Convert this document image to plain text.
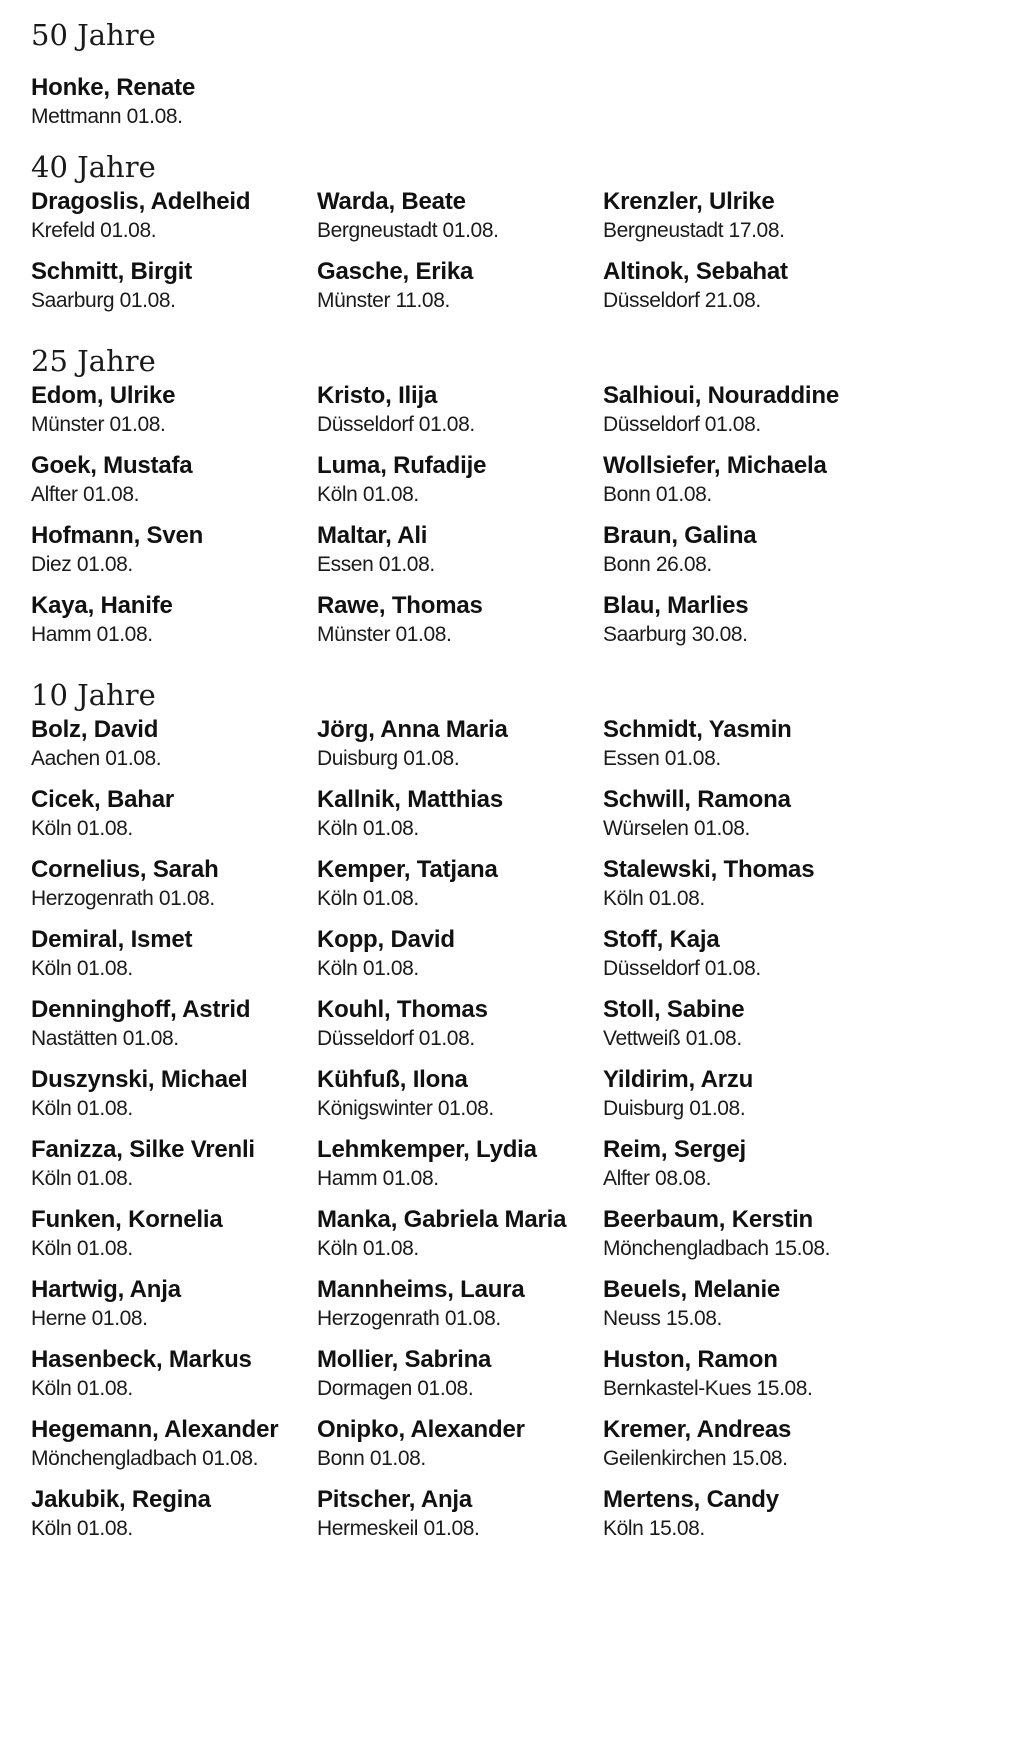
50 Jahre
Honke, Renate
Mettmann 01.08.
40 Jahre
Dragoslis, Adelheid
Krefeld 01.08.
Warda, Beate
Bergneustadt 01.08.
Krenzler, Ulrike
Bergneustadt 17.08.
Schmitt, Birgit
Saarburg 01.08.
Gasche, Erika
Münster 11.08.
Altinok, Sebahat
Düsseldorf 21.08.
25 Jahre
Edom, Ulrike
Münster 01.08.
Kristo, Ilija
Düsseldorf 01.08.
Salhioui, Nouraddine
Düsseldorf 01.08.
Goek, Mustafa
Alfter 01.08.
Luma, Rufadije
Köln 01.08.
Wollsiefer, Michaela
Bonn 01.08.
Hofmann, Sven
Diez 01.08.
Maltar, Ali
Essen 01.08.
Braun, Galina
Bonn 26.08.
Kaya, Hanife
Hamm 01.08.
Rawe, Thomas
Münster 01.08.
Blau, Marlies
Saarburg 30.08.
10 Jahre
Bolz, David
Aachen 01.08.
Jörg, Anna Maria
Duisburg 01.08.
Schmidt, Yasmin
Essen 01.08.
Cicek, Bahar
Köln 01.08.
Kallnik, Matthias
Köln 01.08.
Schwill, Ramona
Würselen 01.08.
Cornelius, Sarah
Herzogenrath 01.08.
Kemper, Tatjana
Köln 01.08.
Stalewski, Thomas
Köln 01.08.
Demiral, Ismet
Köln 01.08.
Kopp, David
Köln 01.08.
Stoff, Kaja
Düsseldorf 01.08.
Denninghoff, Astrid
Nastätten 01.08.
Kouhl, Thomas
Düsseldorf 01.08.
Stoll, Sabine
Vettweiß 01.08.
Duszynski, Michael
Köln 01.08.
Kühfuß, Ilona
Königswinter 01.08.
Yildirim, Arzu
Duisburg 01.08.
Fanizza, Silke Vrenli
Köln 01.08.
Lehmkemper, Lydia
Hamm 01.08.
Reim, Sergej
Alfter 08.08.
Funken, Kornelia
Köln 01.08.
Manka, Gabriela Maria
Köln 01.08.
Beerbaum, Kerstin
Mönchengladbach 15.08.
Hartwig, Anja
Herne 01.08.
Mannheims, Laura
Herzogenrath 01.08.
Beuels, Melanie
Neuss 15.08.
Hasenbeck, Markus
Köln 01.08.
Mollier, Sabrina
Dormagen 01.08.
Huston, Ramon
Bernkastel-Kues 15.08.
Hegemann, Alexander
Mönchengladbach 01.08.
Onipko, Alexander
Bonn 01.08.
Kremer, Andreas
Geilenkirchen 15.08.
Jakubik, Regina
Köln 01.08.
Pitscher, Anja
Hermeskeil 01.08.
Mertens, Candy
Köln 15.08.
